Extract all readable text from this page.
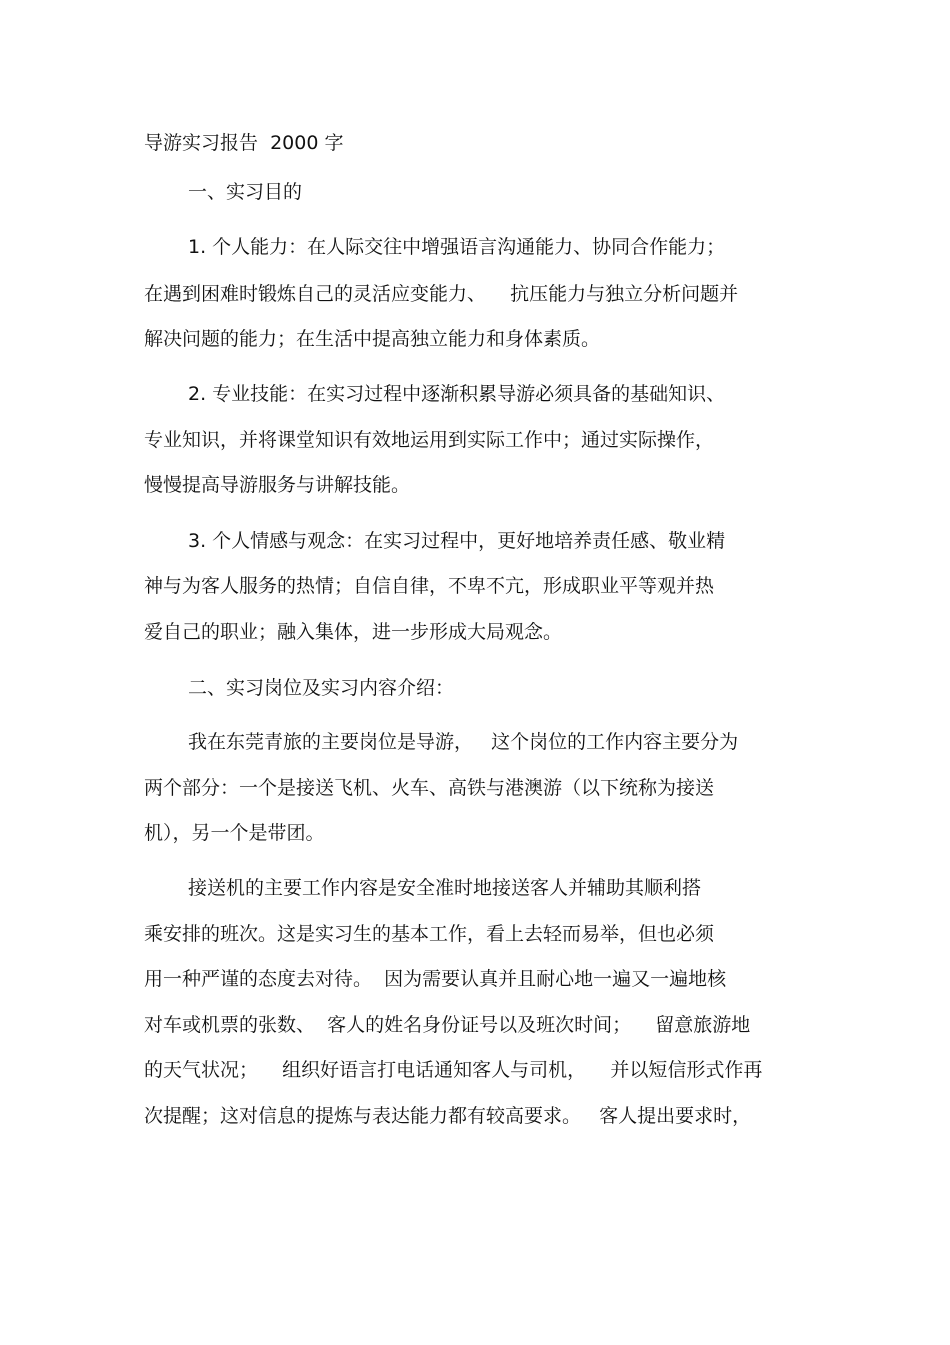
导游实习报告  2000 字
一、实习目的
1. 个人能力：在人际交往中增强语言沟通能力、协同合作能力；
在遇到困难时锻炼自己的灵活应变能力、    抗压能力与独立分析问题并
解决问题的能力；在生活中提高独立能力和身体素质。
2. 专业技能：在实习过程中逐渐积累导游必须具备的基础知识、
专业知识，并将课堂知识有效地运用到实际工作中；通过实际操作，
慢慢提高导游服务与讲解技能。
3. 个人情感与观念：在实习过程中，更好地培养责任感、敬业精
神与为客人服务的热情；自信自律，不卑不亢，形成职业平等观并热
爱自己的职业；融入集体，进一步形成大局观念。
二、实习岗位及实习内容介绍：
我在东莞青旅的主要岗位是导游，   这个岗位的工作内容主要分为
两个部分：一个是接送飞机、火车、高铁与港澳游（以下统称为接送
机），另一个是带团。
接送机的主要工作内容是安全准时地接送客人并辅助其顺利搭
乘安排的班次。这是实习生的基本工作，看上去轻而易举，但也必须
用一种严谨的态度去对待。  因为需要认真并且耐心地一遍又一遍地核
对车或机票的张数、  客人的姓名身份证号以及班次时间；    留意旅游地
的天气状况；    组织好语言打电话通知客人与司机，    并以短信形式作再
次提醒；这对信息的提炼与表达能力都有较高要求。   客人提出要求时，
